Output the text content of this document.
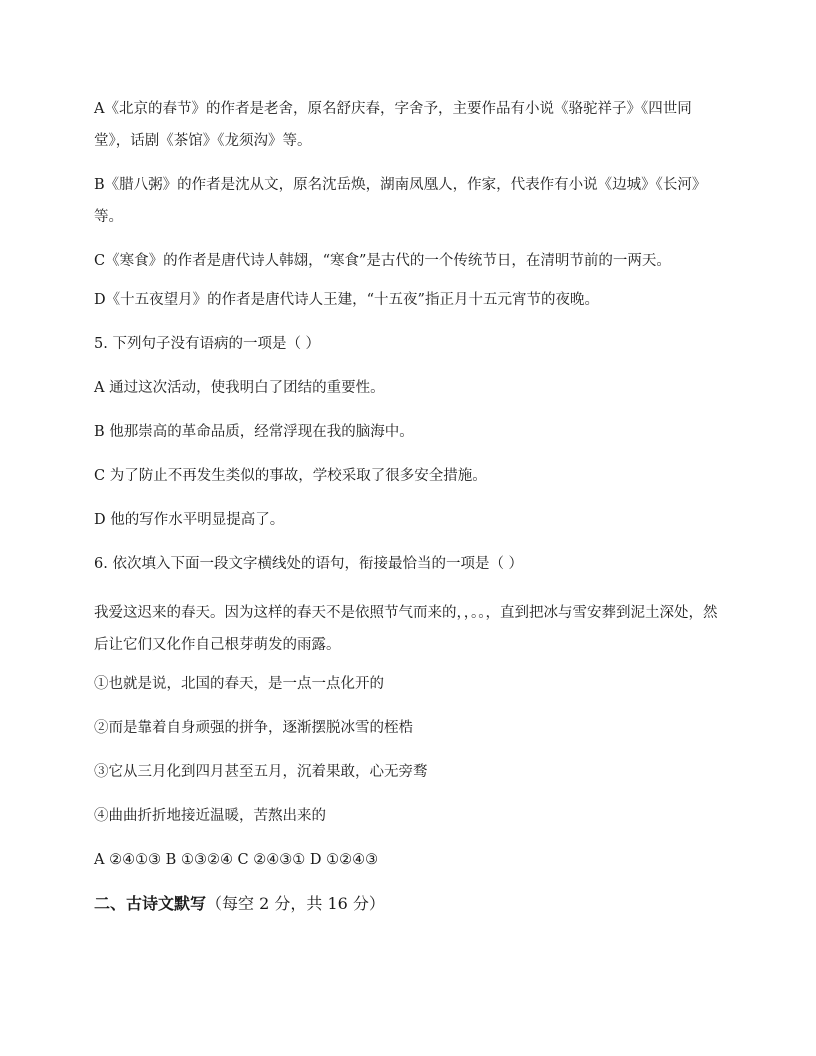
A《北京的春节》的作者是老舍，原名舒庆春，字舍予，主要作品有小说《骆驼祥子》《四世同堂》，话剧《茶馆》《龙须沟》等。

B《腊八粥》的作者是沈从文，原名沈岳焕，湖南凤凰人，作家，代表作有小说《边城》《长河》等。

C《寒食》的作者是唐代诗人韩翃，“寒食”是古代的一个传统节日，在清明节前的一两天。

D《十五夜望月》的作者是唐代诗人王建，“十五夜”指正月十五元宵节的夜晚。

5. 下列句子没有语病的一项是（ ）

A 通过这次活动，使我明白了团结的重要性。

B 他那崇高的革命品质，经常浮现在我的脑海中。

C 为了防止不再发生类似的事故，学校采取了很多安全措施。

D 他的写作水平明显提高了。

6. 依次填入下面一段文字横线处的语句，衔接最恰当的一项是（ ）

我爱这迟来的春天。因为这样的春天不是依照节气而来的，，。。，直到把冰与雪安葬到泥土深处，然后让它们又化作自己根芽萌发的雨露。

①也就是说，北国的春天，是一点一点化开的

②而是靠着自身顽强的拼争，逐渐摆脱冰雪的桎梏

③它从三月化到四月甚至五月，沉着果敢，心无旁骛

④曲曲折折地接近温暖，苦熬出来的

A ②④①③ B ①③②④ C ②④③① D ①②④③

二、古诗文默写（每空 2 分，共 16 分）
